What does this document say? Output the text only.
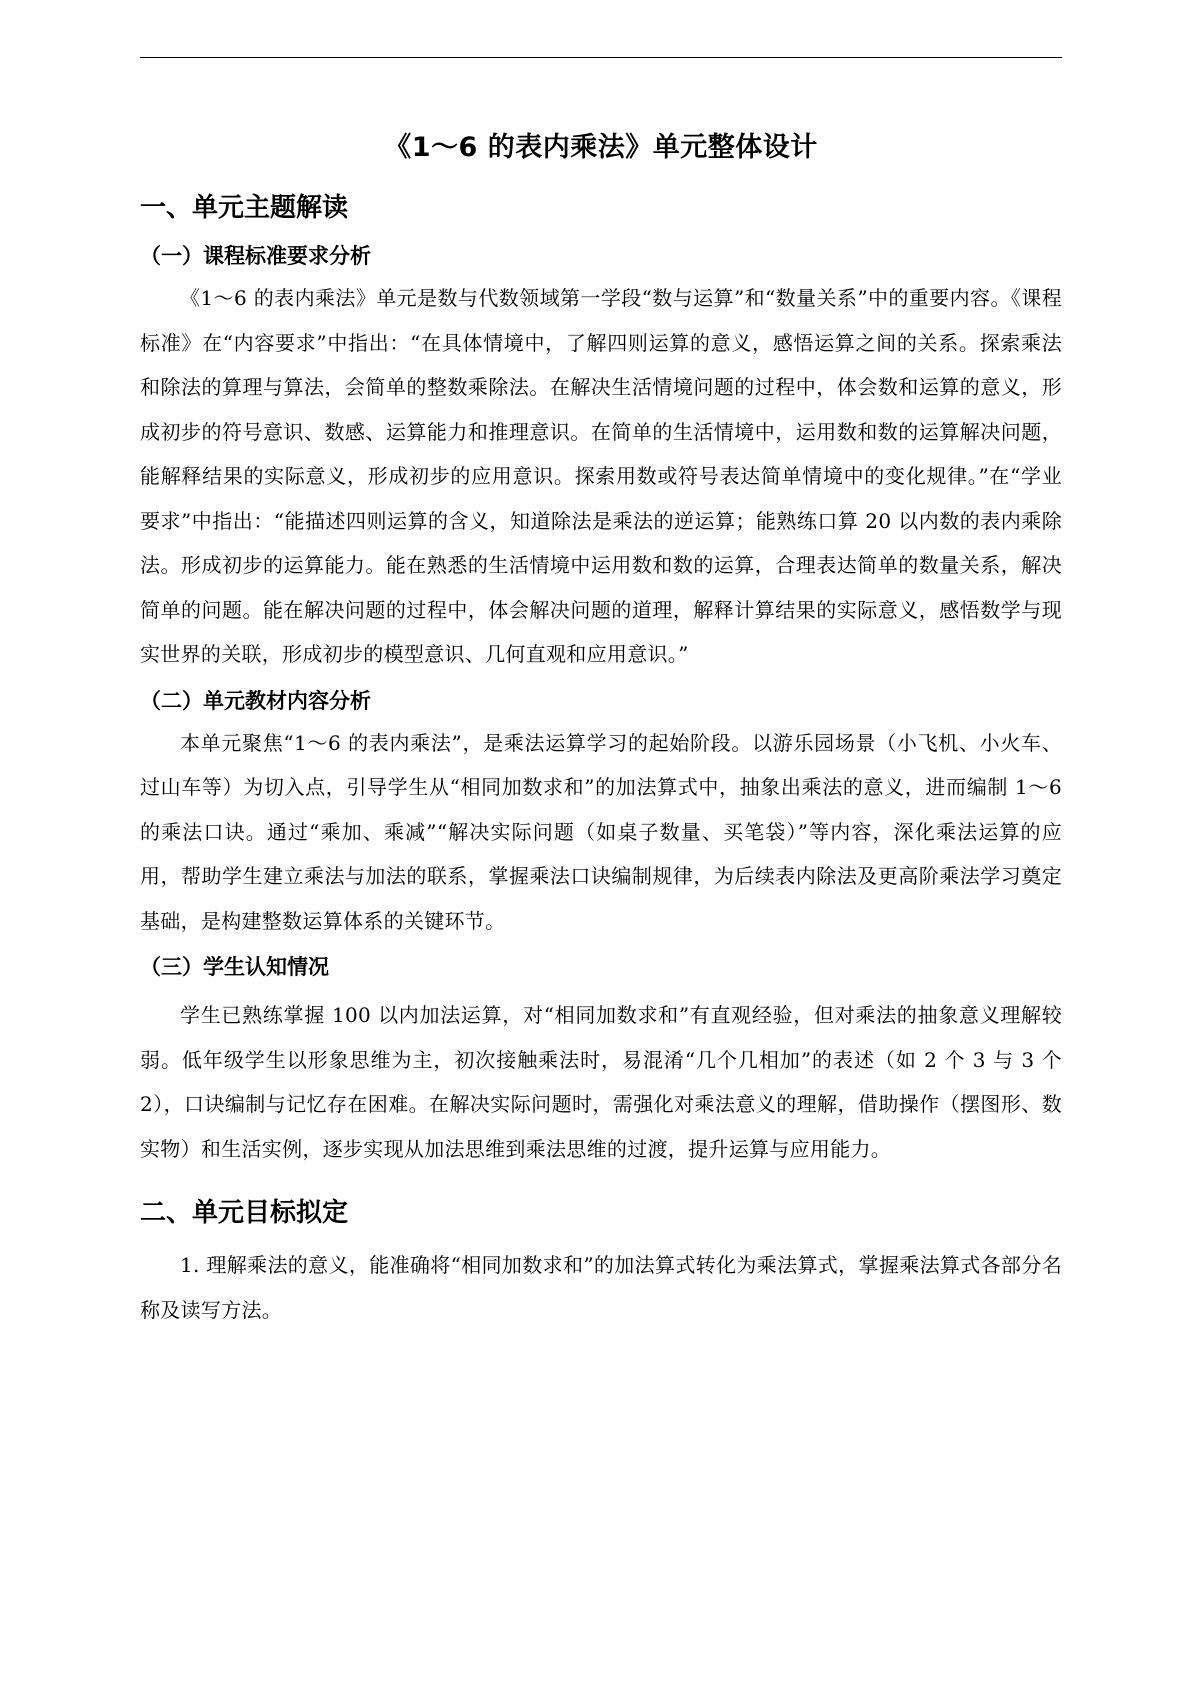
《1～6 的表内乘法》单元整体设计
一、单元主题解读
（一）课程标准要求分析

《1～6 的表内乘法》单元是数与代数领域第一学段“数与运算”和“数量关系”中的重要内容。《课程标准》在“内容要求”中指出：“在具体情境中，了解四则运算的意义，感悟运算之间的关系。探索乘法和除法的算理与算法，会简单的整数乘除法。在解决生活情境问题的过程中，体会数和运算的意义，形成初步的符号意识、数感、运算能力和推理意识。在简单的生活情境中，运用数和数的运算解决问题，能解释结果的实际意义，形成初步的应用意识。探索用数或符号表达简单情境中的变化规律。”在“学业要求”中指出：“能描述四则运算的含义，知道除法是乘法的逆运算；能熟练口算 20 以内数的表内乘除法。形成初步的运算能力。能在熟悉的生活情境中运用数和数的运算，合理表达简单的数量关系，解决简单的问题。能在解决问题的过程中，体会解决问题的道理，解释计算结果的实际意义，感悟数学与现实世界的关联，形成初步的模型意识、几何直观和应用意识。”

（二）单元教材内容分析

本单元聚焦“1～6 的表内乘法”，是乘法运算学习的起始阶段。以游乐园场景（小飞机、小火车、过山车等）为切入点，引导学生从“相同加数求和”的加法算式中，抽象出乘法的意义，进而编制 1～6 的乘法口诀。通过“乘加、乘减”“解决实际问题（如桌子数量、买笔袋）”等内容，深化乘法运算的应用，帮助学生建立乘法与加法的联系，掌握乘法口诀编制规律，为后续表内除法及更高阶乘法学习奠定基础，是构建整数运算体系的关键环节。

（三）学生认知情况

学生已熟练掌握 100 以内加法运算，对“相同加数求和”有直观经验，但对乘法的抽象意义理解较弱。低年级学生以形象思维为主，初次接触乘法时，易混淆“几个几相加”的表述（如 2 个 3 与 3 个 2），口诀编制与记忆存在困难。在解决实际问题时，需强化对乘法意义的理解，借助操作（摆图形、数实物）和生活实例，逐步实现从加法思维到乘法思维的过渡，提升运算与应用能力。

二、单元目标拟定

1. 理解乘法的意义，能准确将“相同加数求和”的加法算式转化为乘法算式，掌握乘法算式各部分名称及读写方法。
